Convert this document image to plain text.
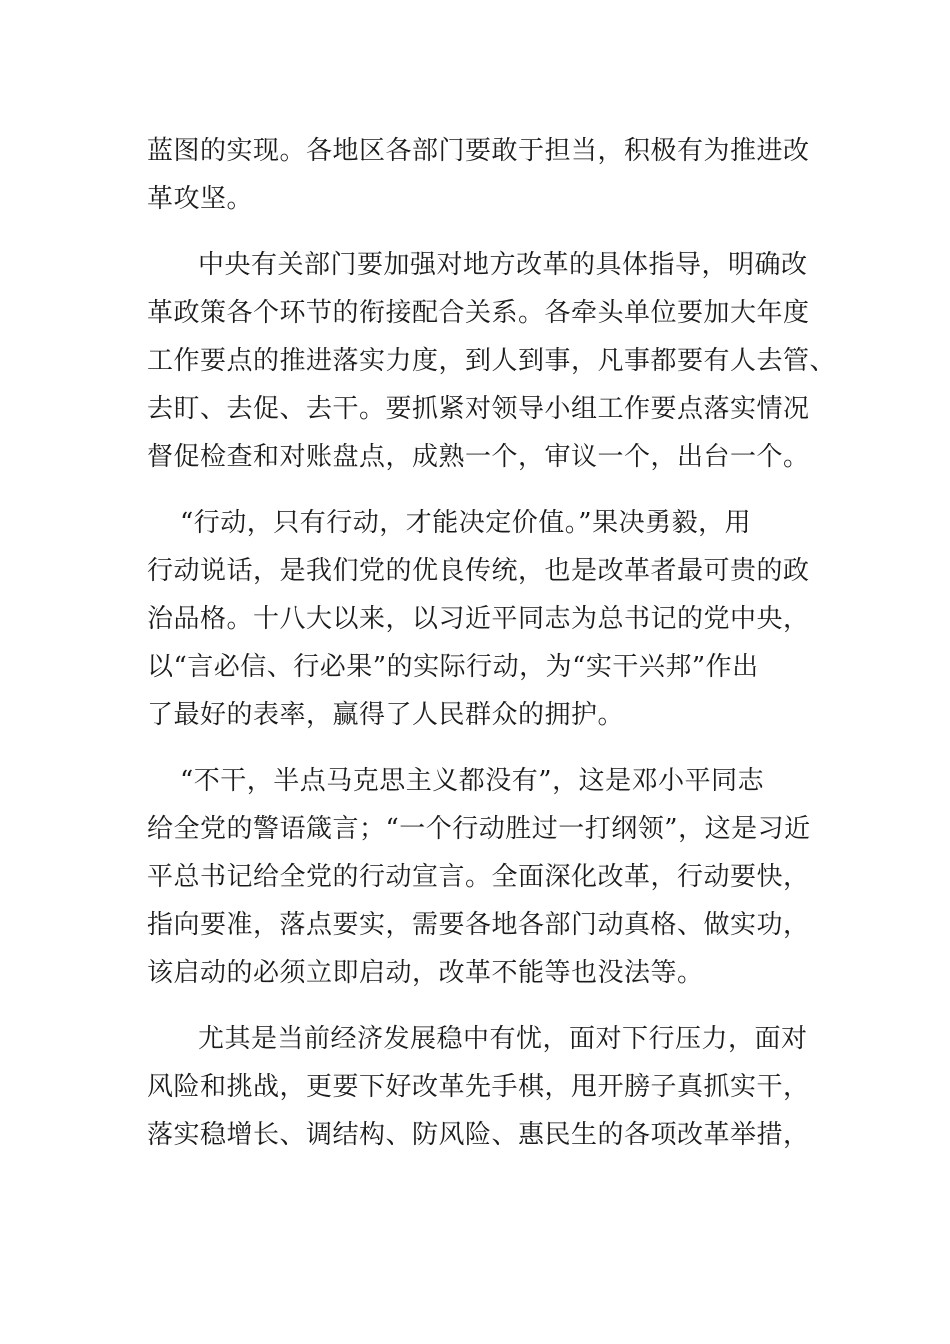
蓝图的实现。各地区各部门要敢于担当，积极有为推进改
革攻坚。
中央有关部门要加强对地方改革的具体指导，明确改
革政策各个环节的衔接配合关系。各牵头单位要加大年度
工作要点的推进落实力度，到人到事，凡事都要有人去管、
去盯、去促、去干。要抓紧对领导小组工作要点落实情况
督促检查和对账盘点，成熟一个，审议一个，出台一个。
“行动，只有行动，才能决定价值。”果决勇毅，用
行动说话，是我们党的优良传统，也是改革者最可贵的政
治品格。十八大以来，以习近平同志为总书记的党中央，
以“言必信、行必果”的实际行动，为“实干兴邦”作出
了最好的表率，赢得了人民群众的拥护。
“不干，半点马克思主义都没有”，这是邓小平同志
给全党的警语箴言；“一个行动胜过一打纲领”，这是习近
平总书记给全党的行动宣言。全面深化改革，行动要快，
指向要准，落点要实，需要各地各部门动真格、做实功，
该启动的必须立即启动，改革不能等也没法等。
尤其是当前经济发展稳中有忧，面对下行压力，面对
风险和挑战，更要下好改革先手棋，甩开膀子真抓实干，
落实稳增长、调结构、防风险、惠民生的各项改革举措，
